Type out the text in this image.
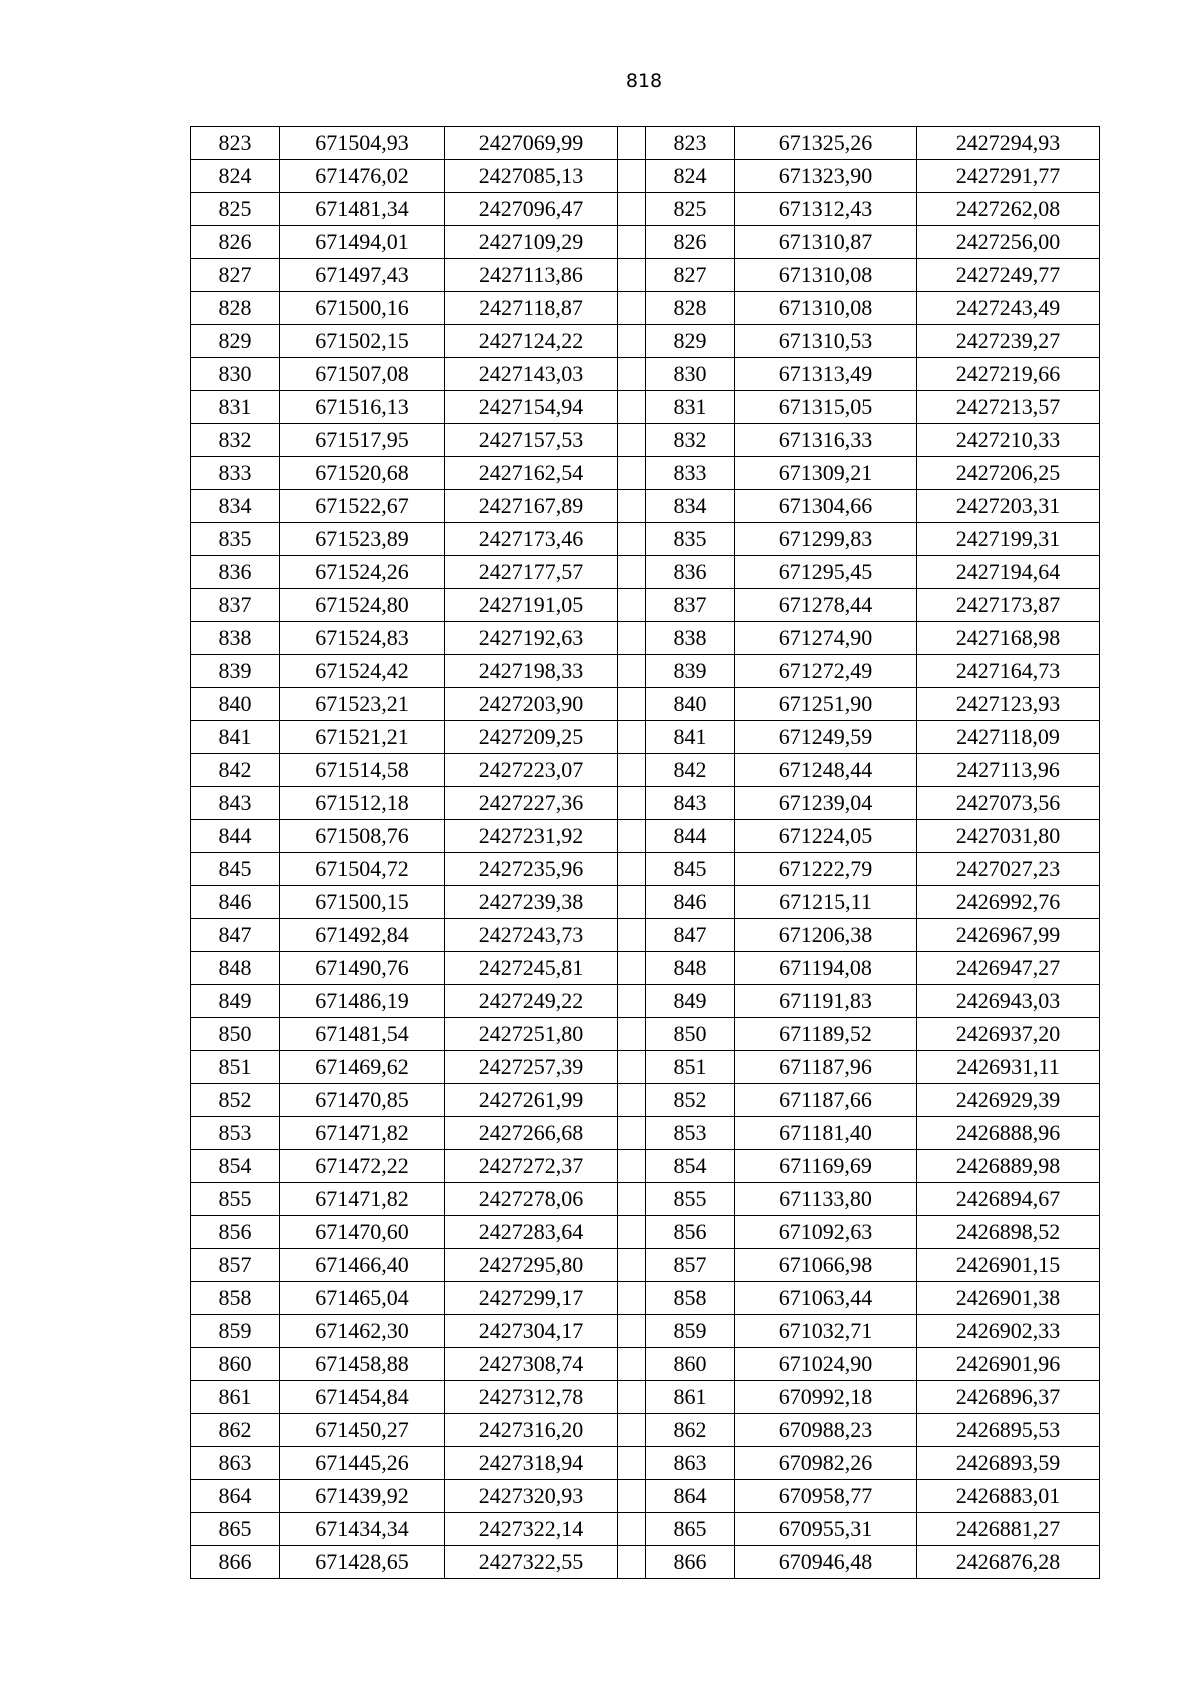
818
823	671504,93	2427069,99		823	671325,26	2427294,93
824	671476,02	2427085,13		824	671323,90	2427291,77
825	671481,34	2427096,47		825	671312,43	2427262,08
826	671494,01	2427109,29		826	671310,87	2427256,00
827	671497,43	2427113,86		827	671310,08	2427249,77
828	671500,16	2427118,87		828	671310,08	2427243,49
829	671502,15	2427124,22		829	671310,53	2427239,27
830	671507,08	2427143,03		830	671313,49	2427219,66
831	671516,13	2427154,94		831	671315,05	2427213,57
832	671517,95	2427157,53		832	671316,33	2427210,33
833	671520,68	2427162,54		833	671309,21	2427206,25
834	671522,67	2427167,89		834	671304,66	2427203,31
835	671523,89	2427173,46		835	671299,83	2427199,31
836	671524,26	2427177,57		836	671295,45	2427194,64
837	671524,80	2427191,05		837	671278,44	2427173,87
838	671524,83	2427192,63		838	671274,90	2427168,98
839	671524,42	2427198,33		839	671272,49	2427164,73
840	671523,21	2427203,90		840	671251,90	2427123,93
841	671521,21	2427209,25		841	671249,59	2427118,09
842	671514,58	2427223,07		842	671248,44	2427113,96
843	671512,18	2427227,36		843	671239,04	2427073,56
844	671508,76	2427231,92		844	671224,05	2427031,80
845	671504,72	2427235,96		845	671222,79	2427027,23
846	671500,15	2427239,38		846	671215,11	2426992,76
847	671492,84	2427243,73		847	671206,38	2426967,99
848	671490,76	2427245,81		848	671194,08	2426947,27
849	671486,19	2427249,22		849	671191,83	2426943,03
850	671481,54	2427251,80		850	671189,52	2426937,20
851	671469,62	2427257,39		851	671187,96	2426931,11
852	671470,85	2427261,99		852	671187,66	2426929,39
853	671471,82	2427266,68		853	671181,40	2426888,96
854	671472,22	2427272,37		854	671169,69	2426889,98
855	671471,82	2427278,06		855	671133,80	2426894,67
856	671470,60	2427283,64		856	671092,63	2426898,52
857	671466,40	2427295,80		857	671066,98	2426901,15
858	671465,04	2427299,17		858	671063,44	2426901,38
859	671462,30	2427304,17		859	671032,71	2426902,33
860	671458,88	2427308,74		860	671024,90	2426901,96
861	671454,84	2427312,78		861	670992,18	2426896,37
862	671450,27	2427316,20		862	670988,23	2426895,53
863	671445,26	2427318,94		863	670982,26	2426893,59
864	671439,92	2427320,93		864	670958,77	2426883,01
865	671434,34	2427322,14		865	670955,31	2426881,27
866	671428,65	2427322,55		866	670946,48	2426876,28
